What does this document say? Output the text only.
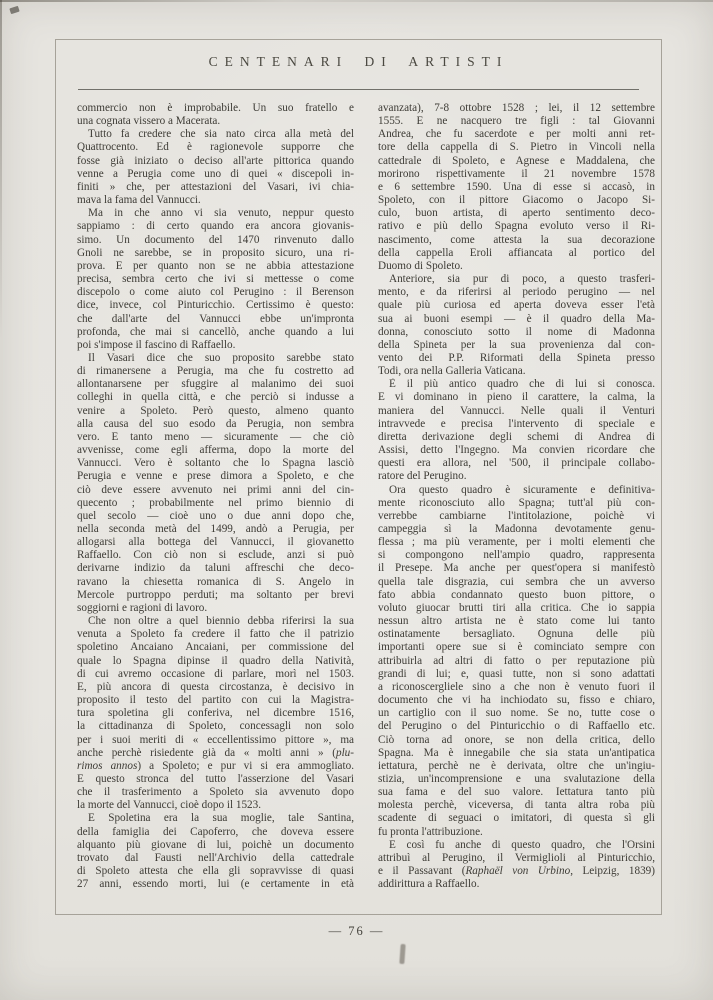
CENTENARI DI ARTISTI
commercio non è improbabile. Un suo fratello e
una cognata vissero a Macerata.
Tutto fa credere che sia nato circa alla metà del
Quattrocento. Ed è ragionevole supporre che
fosse già iniziato o deciso all'arte pittorica quando
venne a Perugia come uno di quei « discepoli in-
finiti » che, per attestazioni del Vasari, ivi chia-
mava la fama del Vannucci.
Ma in che anno vi sia venuto, neppur questo
sappiamo : di certo quando era ancora giovanis-
simo. Un documento del 1470 rinvenuto dallo
Gnoli ne sarebbe, se in proposito sicuro, una ri-
prova. E per quanto non se ne abbia attestazione
precisa, sembra certo che ivi si mettesse o come
discepolo o come aiuto col Perugino : il Berenson
dice, invece, col Pinturicchio. Certissimo è questo:
che dall'arte del Vannucci ebbe un'impronta
profonda, che mai si cancellò, anche quando a lui
poi s'impose il fascino di Raffaello.
Il Vasari dice che suo proposito sarebbe stato
di rimanersene a Perugia, ma che fu costretto ad
allontanarsene per sfuggire al malanimo dei suoi
colleghi in quella città, e che perciò si indusse a
venire a Spoleto. Però questo, almeno quanto
alla causa del suo esodo da Perugia, non sembra
vero. E tanto meno — sicuramente — che ciò
avvenisse, come egli afferma, dopo la morte del
Vannucci. Vero è soltanto che lo Spagna lasciò
Perugia e venne e prese dimora a Spoleto, e che
ciò deve essere avvenuto nei primi anni del cin-
quecento ; probabilmente nel primo biennio di
quel secolo — cioè uno o due anni dopo che,
nella seconda metà del 1499, andò a Perugia, per
allogarsi alla bottega del Vannucci, il giovanetto
Raffaello. Con ciò non si esclude, anzi si può
derivarne indizio da taluni affreschi che deco-
ravano la chiesetta romanica di S. Angelo in
Mercole purtroppo perduti; ma soltanto per brevi
soggiorni e ragioni di lavoro.
Che non oltre a quel biennio debba riferirsi la sua
venuta a Spoleto fa credere il fatto che il patrizio
spoletino Ancaiano Ancaiani, per commissione del
quale lo Spagna dipinse il quadro della Natività,
di cui avremo occasione di parlare, morì nel 1503.
E, più ancora di questa circostanza, è decisivo in
proposito il testo del partito con cui la Magistra-
tura spoletina gli conferiva, nel dicembre 1516,
la cittadinanza di Spoleto, concessagli non solo
per i suoi meriti di « eccellentissimo pittore », ma
anche perchè risiedente già da « molti anni » (plu-
rimos annos) a Spoleto; e pur vi si era ammogliato.
E questo stronca del tutto l'asserzione del Vasari
che il trasferimento a Spoleto sia avvenuto dopo
la morte del Vannucci, cioè dopo il 1523.
E Spoletina era la sua moglie, tale Santina,
della famiglia dei Capoferro, che doveva essere
alquanto più giovane di lui, poichè un documento
trovato dal Fausti nell'Archivio della cattedrale
di Spoleto attesta che ella gli sopravvisse di quasi
27 anni, essendo morti, lui (e certamente in età
avanzata), 7-8 ottobre 1528 ; lei, il 12 settembre
1555. E ne nacquero tre figli : tal Giovanni
Andrea, che fu sacerdote e per molti anni ret-
tore della cappella di S. Pietro in Vincoli nella
cattedrale di Spoleto, e Agnese e Maddalena, che
morirono rispettivamente il 21 novembre 1578
e 6 settembre 1590. Una di esse si accasò, in
Spoleto, con il pittore Giacomo o Jacopo Si-
culo, buon artista, di aperto sentimento deco-
rativo e più dello Spagna evoluto verso il Ri-
nascimento, come attesta la sua decorazione
della cappella Eroli affiancata al portico del
Duomo di Spoleto.
Anteriore, sia pur di poco, a questo trasferi-
mento, e da riferirsi al periodo perugino — nel
quale più curiosa ed aperta doveva esser l'età
sua ai buoni esempi — è il quadro della Ma-
donna, conosciuto sotto il nome di Madonna
della Spineta per la sua provenienza dal con-
vento dei P.P. Riformati della Spineta presso
Todi, ora nella Galleria Vaticana.
È il più antico quadro che di lui si conosca.
E vi dominano in pieno il carattere, la calma, la
maniera del Vannucci. Nelle quali il Venturi
intravvede e precisa l'intervento di speciale e
diretta derivazione degli schemi di Andrea di
Assisi, detto l'Ingegno. Ma convien ricordare che
questi era allora, nel '500, il principale collabo-
ratore del Perugino.
Ora questo quadro è sicuramente e definitiva-
mente riconosciuto allo Spagna; tutt'al più con-
verrebbe cambiarne l'intitolazione, poichè vi
campeggia sì la Madonna devotamente genu-
flessa ; ma più veramente, per i molti elementi che
si compongono nell'ampio quadro, rappresenta
il Presepe. Ma anche per quest'opera si manifestò
quella tale disgrazia, cui sembra che un avverso
fato abbia condannato questo buon pittore, o
voluto giuocar brutti tiri alla critica. Che io sappia
nessun altro artista ne è stato come lui tanto
ostinatamente bersagliato. Ognuna delle più
importanti opere sue si è cominciato sempre con
attribuirla ad altri di fatto o per reputazione più
grandi di lui; e, quasi tutte, non si sono adattati
a riconoscergliele sino a che non è venuto fuori il
documento che vi ha inchiodato su, fisso e chiaro,
un cartiglio con il suo nome. Se no, tutte cose o
del Perugino o del Pinturicchio o di Raffaello etc.
Ciò torna ad onore, se non della critica, dello
Spagna. Ma è innegabile che sia stata un'antipatica
iettatura, perchè ne è derivata, oltre che un'ingiu-
stizia, un'incomprensione e una svalutazione della
sua fama e del suo valore. Iettatura tanto più
molesta perchè, viceversa, di tanta altra roba più
scadente di seguaci o imitatori, di questa sì gli
fu pronta l'attribuzione.
E così fu anche di questo quadro, che l'Orsini
attribuì al Perugino, il Vermiglioli al Pinturicchio,
e il Passavant (Raphaël von Urbino, Leipzig, 1839)
addirittura a Raffaello.
— 76 —
